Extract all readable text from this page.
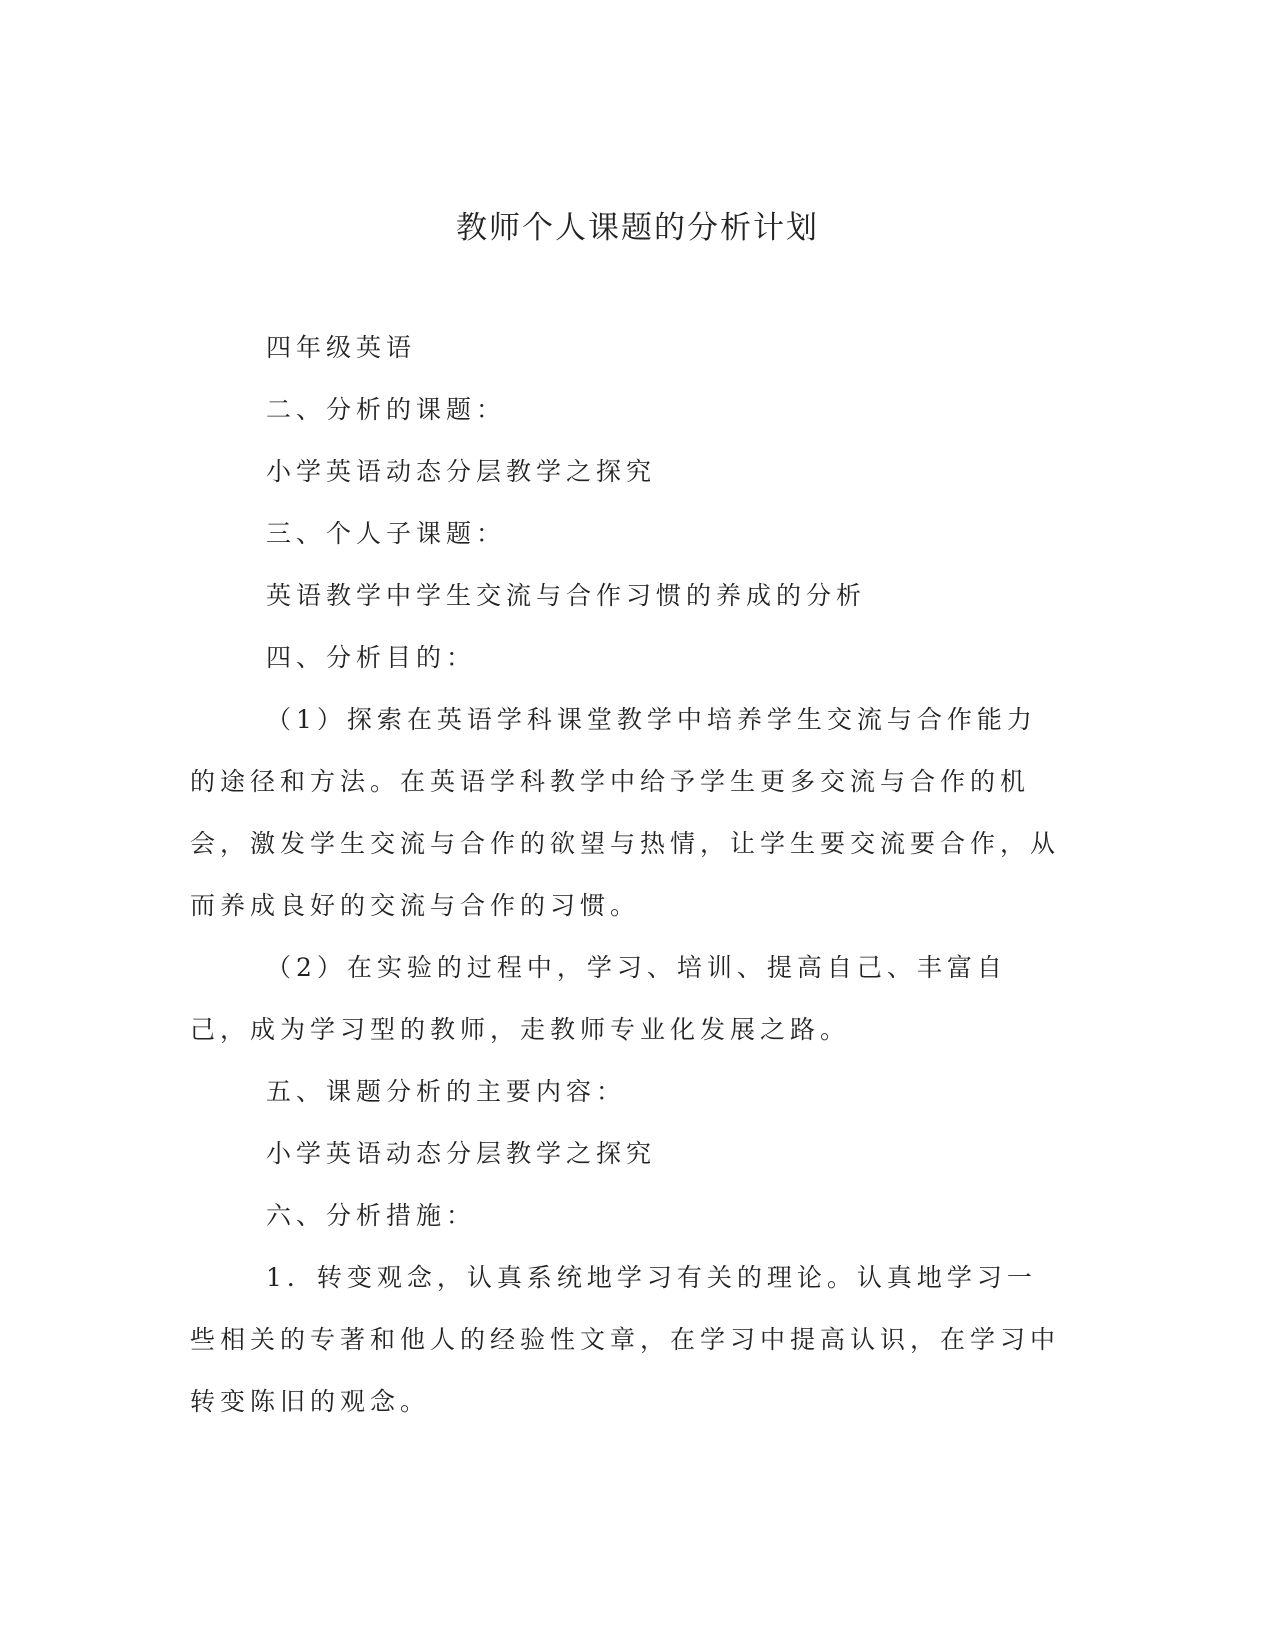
教师个人课题的分析计划

四年级英语

二、分析的课题：

小学英语动态分层教学之探究

三、个人子课题：

英语教学中学生交流与合作习惯的养成的分析

四、分析目的：

（1）探索在英语学科课堂教学中培养学生交流与合作能力的途径和方法。在英语学科教学中给予学生更多交流与合作的机会，激发学生交流与合作的欲望与热情，让学生要交流要合作，从而养成良好的交流与合作的习惯。

（2）在实验的过程中，学习、培训、提高自己、丰富自己，成为学习型的教师，走教师专业化发展之路。

五、课题分析的主要内容：

小学英语动态分层教学之探究

六、分析措施：

1．转变观念，认真系统地学习有关的理论。认真地学习一些相关的专著和他人的经验性文章，在学习中提高认识，在学习中转变陈旧的观念。
